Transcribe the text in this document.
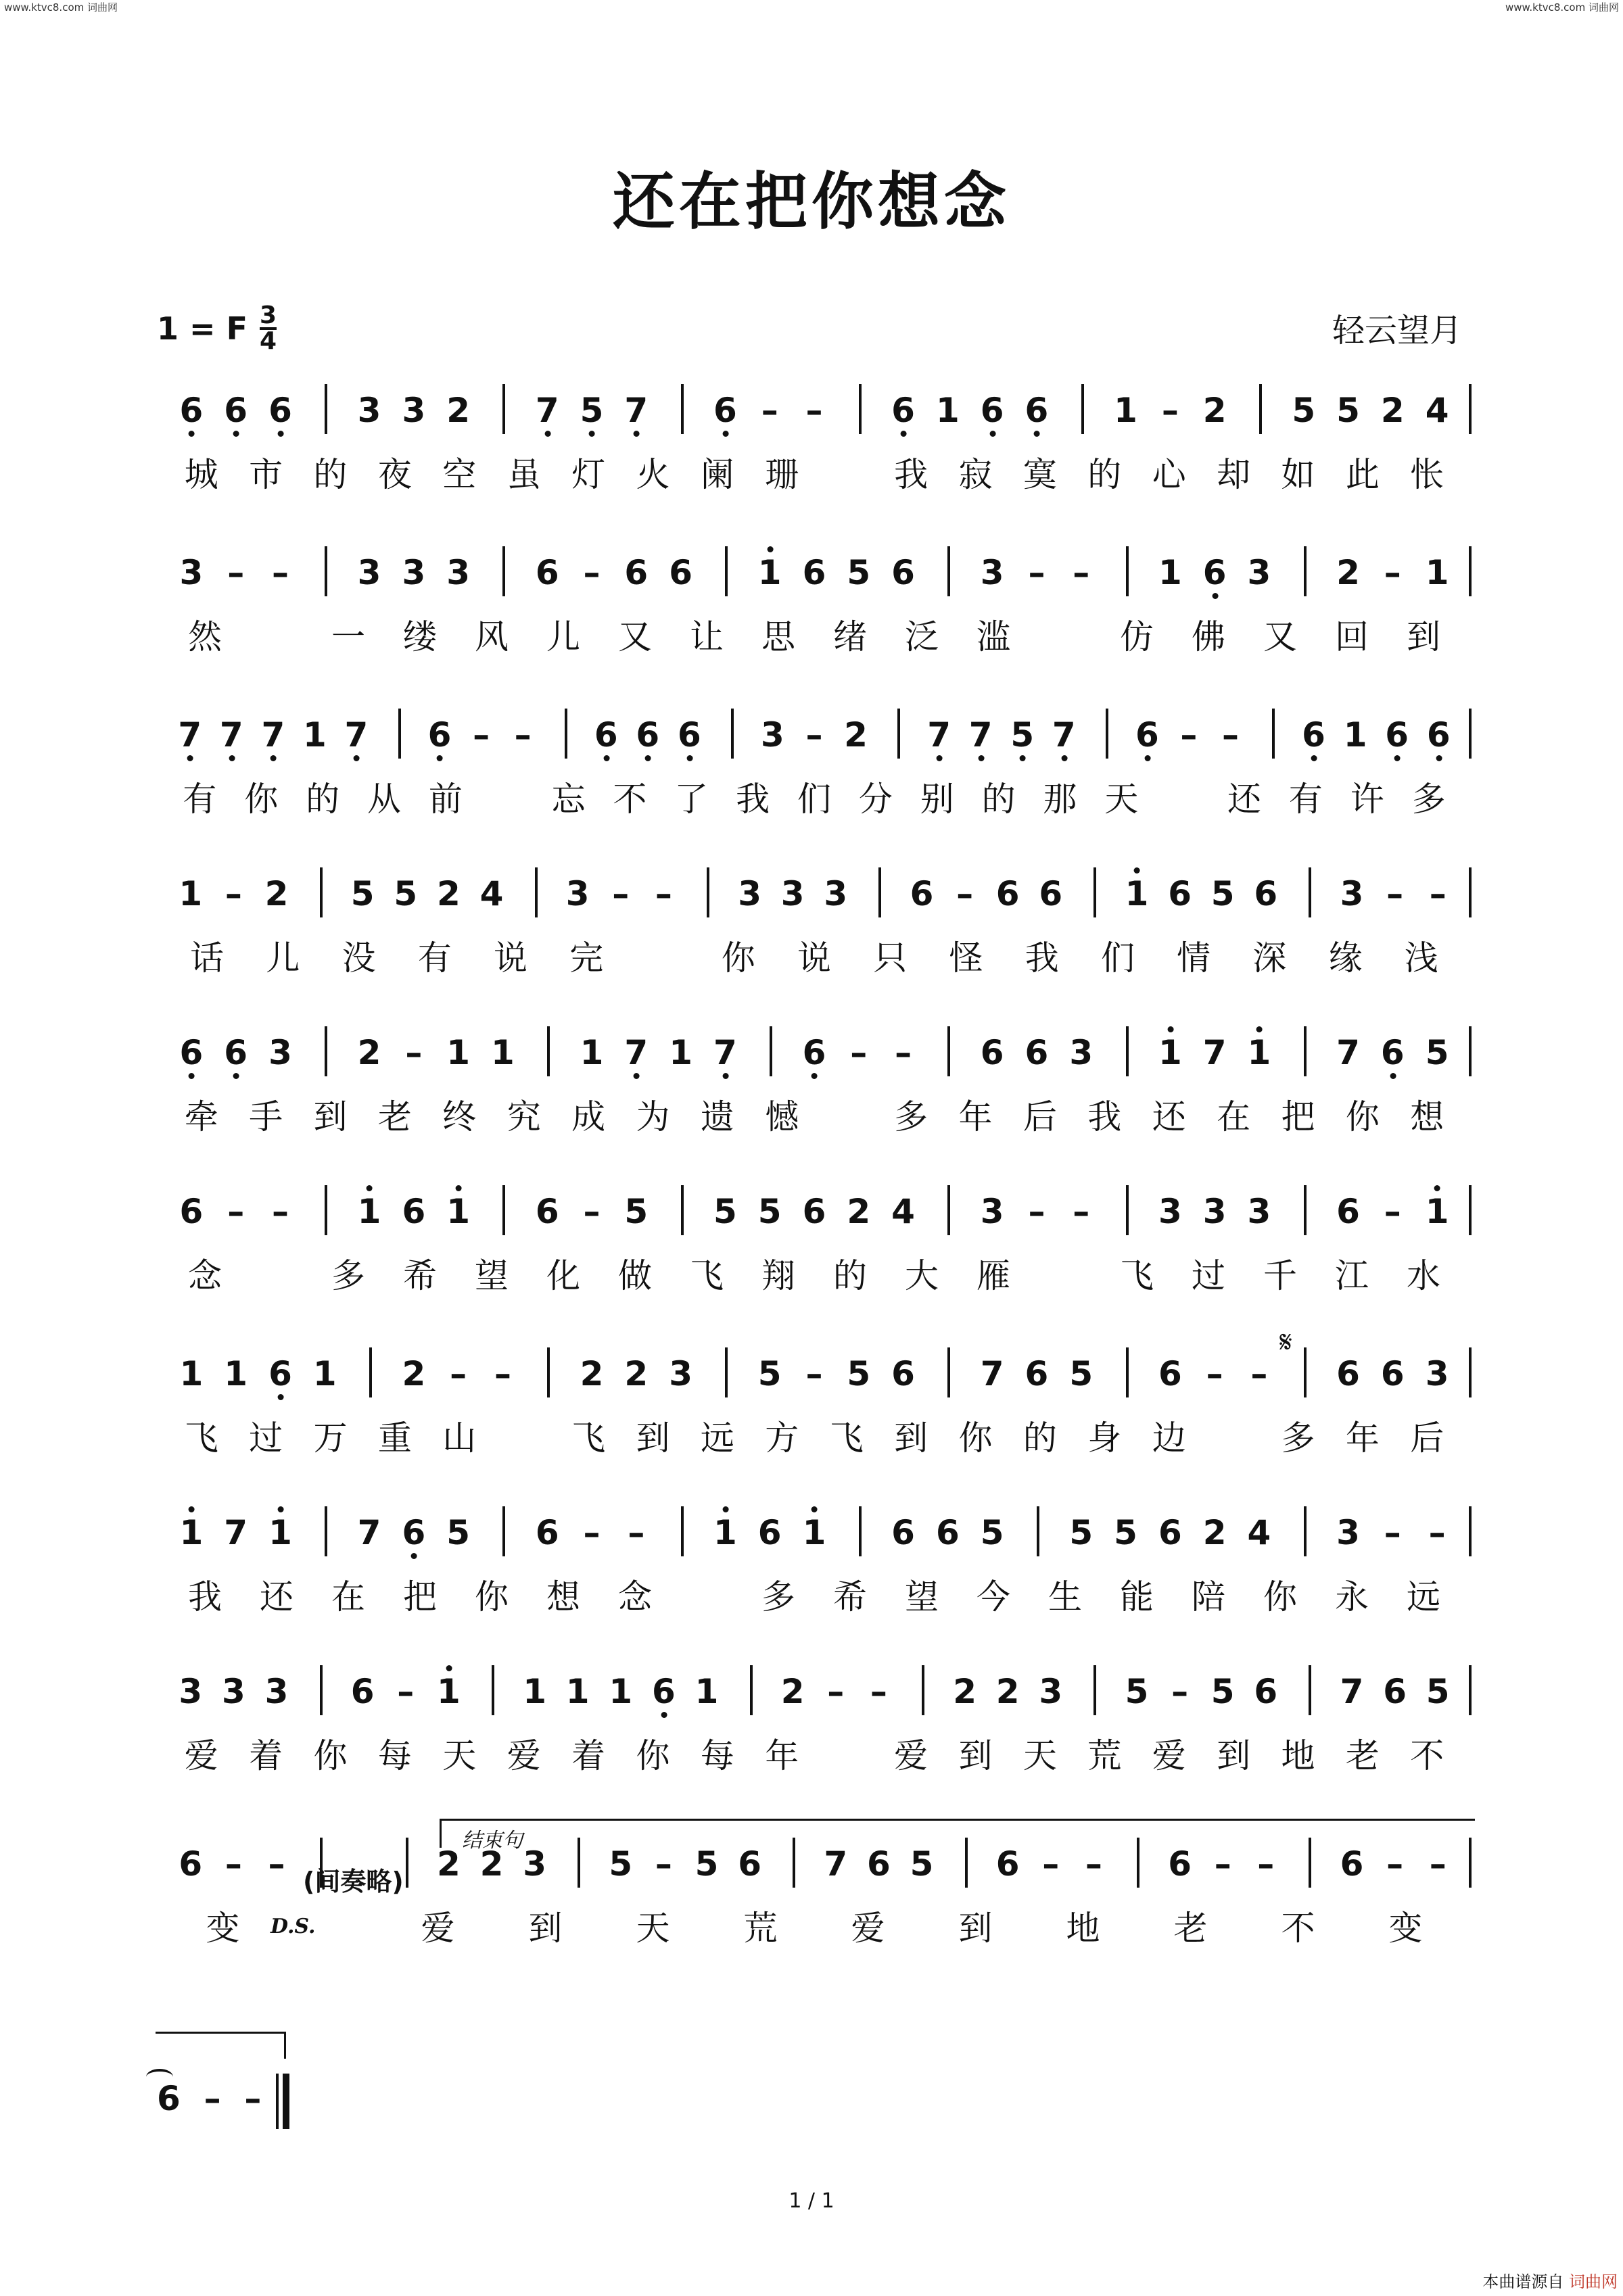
www.ktvc8.com 词曲网	www.ktvc8.com 词曲网
还在把你想念
1 = F 3
4	轻云望月
6 6 6 3 3 2 7 5 7 6 – – 6 1 6 6 1 – 2 5 5 2 4
城 市 的 夜 空 虽 灯 火 阑 珊	我 寂 寞 的 心 却 如 此 怅
3 – – 3 3 3 6 – 6 6 1 6 5 6 3 – – 1 6 3 2 – 1
然	一 缕 风 儿 又 让 思 绪 泛 滥	仿 佛 又 回 到
7 7 7 1 7 6 – – 6 6 6 3 – 2 7 7 5 7 6 – – 6 1 6 6
有 你 的 从 前	忘 不 了 我 们 分 别 的 那 天	还 有 许 多
1 – 2 5 5 2 4 3 – – 3 3 3 6 – 6 6 1 6 5 6 3 – –
话 儿 没 有 说 完	你 说 只 怪 我 们 情 深 缘 浅
6 6 3 2 – 1 1 1 7 1 7 6 – – 6 6 3 1 7 1 7 6 5
牵 手 到 老 终 究 成 为 遗 憾	多 年 后 我 还 在 把 你 想
6 – – 1 6 1 6 – 5 5 5 6 2 4 3 – – 3 3 3 6 – 1
念	多 希 望 化 做 飞 翔 的 大 雁	飞 过 千 江 水
1 1 6 1 2 – – 2 2 3 5 – 5 6 7 6 5 6 – – 6 6 3
飞 过 万 重 山	飞 到 远 方 飞 到 你 的 身 边	多 年 后
1 7 1 7 6 5 6 – – 1 6 1 6 6 5 5 5 6 2 4 3 – –
我 还 在 把 你 想 念	多 希 望 今 生 能 陪 你 永 远
3 3 3 6 – 1 1 1 1 6 1 2 – – 2 2 3 5 – 5 6 7 6 5
爱 着 你 每 天 爱 着 你 每 年	爱 到 天 荒 爱 到 地 老 不
6 – –	2 2 3 5 – 5 6 7 6 5 6 – – 6 – – 6 – –
变	爱 到 天 荒 爱 到 地 老 不 变
𝄋
结束句
(间奏略)
D.S.
6  –  –
1 / 1
本曲谱源自 词曲网
